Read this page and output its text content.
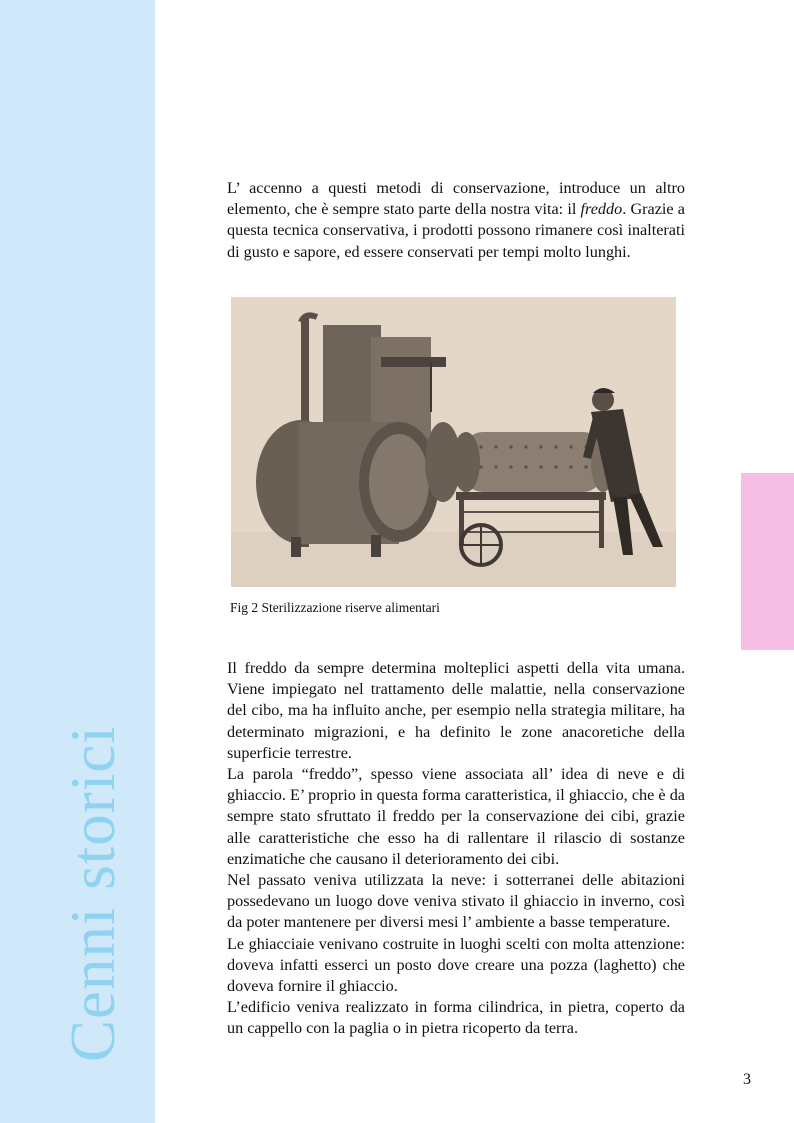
Cenni storici

L’ accenno a questi metodi di conservazione, introduce un altro elemento, che è sempre stato parte della nostra vita: il freddo. Grazie a questa tecnica conservativa, i prodotti possono rimanere così inalterati di gusto e sapore, ed essere conservati per tempi molto lunghi.

Fig 2 Sterilizzazione riserve alimentari

Il freddo da sempre determina molteplici aspetti della vita umana. Viene impiegato nel trattamento delle malattie, nella conservazione del cibo, ma ha influito anche, per esempio nella strategia militare, ha determinato migrazioni, e ha definito le zone anacoretiche della superficie terrestre.

La parola “freddo”, spesso viene associata all’ idea di neve e di ghiaccio. E’ proprio in questa forma caratteristica, il ghiaccio, che è da sempre stato sfruttato il freddo per la conservazione dei cibi, grazie alle caratteristiche che esso ha di rallentare il rilascio di sostanze enzimatiche che causano il deterioramento dei cibi.

Nel passato veniva utilizzata la neve: i sotterranei delle abitazioni possedevano un luogo dove veniva stivato il ghiaccio in inverno, così da poter mantenere per diversi mesi l’ ambiente a basse temperature.

Le ghiacciaie venivano costruite in luoghi scelti con molta attenzione: doveva infatti esserci un posto dove creare una pozza (laghetto) che doveva fornire il ghiaccio.

L’edificio veniva realizzato in forma cilindrica, in pietra, coperto da un cappello con la paglia o in pietra ricoperto da terra.

3
